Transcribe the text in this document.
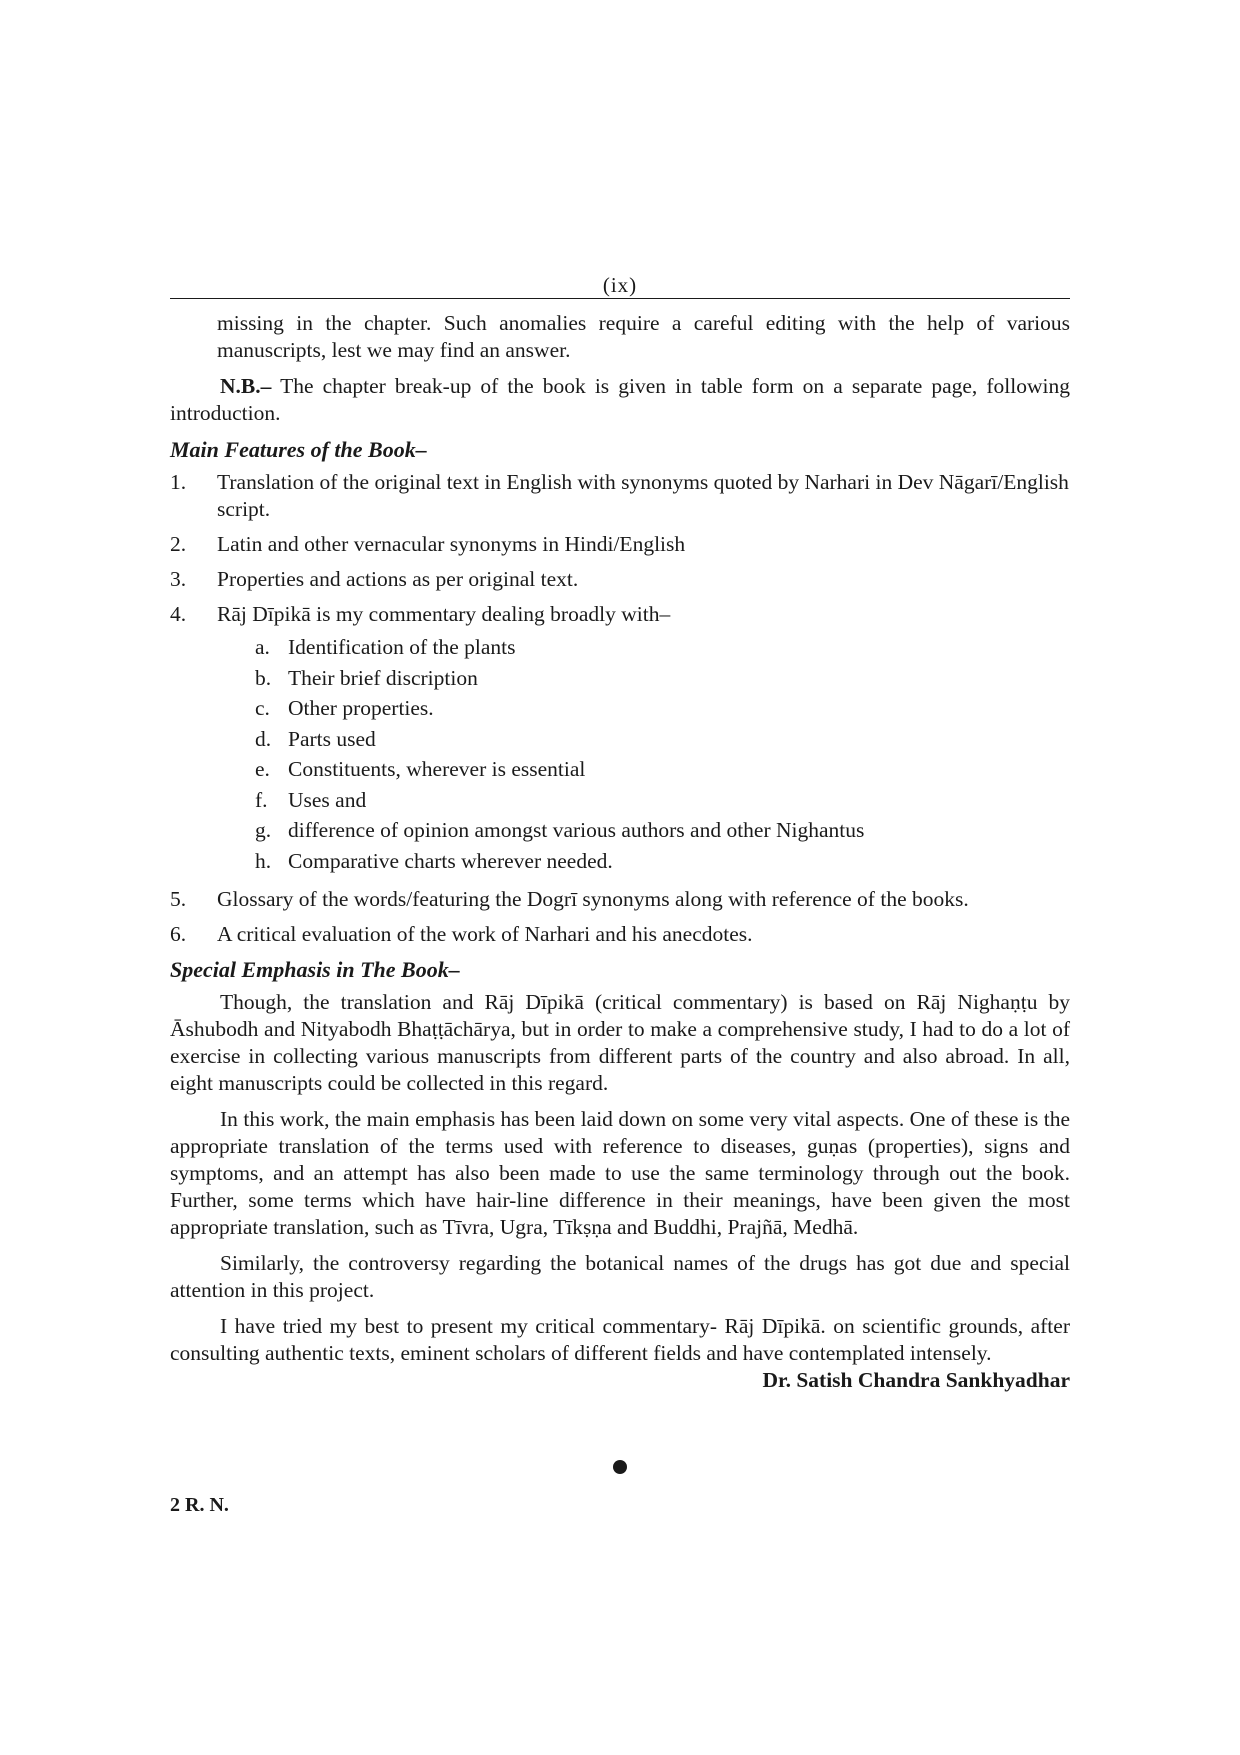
(ix)

missing in the chapter. Such anomalies require a careful editing with the help of various manuscripts, lest we may find an answer.

N.B.– The chapter break-up of the book is given in table form on a separate page, following introduction.

Main Features of the Book–
1.	Translation of the original text in English with synonyms quoted by Narhari in Dev Nāgarī/English script.
2.	Latin and other vernacular synonyms in Hindi/English
3.	Properties and actions as per original text.
4.	Rāj Dīpikā is my commentary dealing broadly with–
a. Identification of the plants
b. Their brief discription
c. Other properties.
d. Parts used
e. Constituents, wherever is essential
f. Uses and
g. difference of opinion amongst various authors and other Nighantus
h. Comparative charts wherever needed.
5.	Glossary of the words/featuring the Dogrī synonyms along with reference of the books.
6.	A critical evaluation of the work of Narhari and his anecdotes.
Special Emphasis in The Book–

Though, the translation and Rāj Dīpikā (critical commentary) is based on Rāj Nighaṇṭu by Āshubodh and Nityabodh Bhaṭṭāchārya, but in order to make a comprehensive study, I had to do a lot of exercise in collecting various manuscripts from different parts of the country and also abroad. In all, eight manuscripts could be collected in this regard.

In this work, the main emphasis has been laid down on some very vital aspects. One of these is the appropriate translation of the terms used with reference to diseases, guṇas (properties), signs and symptoms, and an attempt has also been made to use the same terminology through out the book. Further, some terms which have hair-line difference in their meanings, have been given the most appropriate translation, such as Tīvra, Ugra, Tīkṣṇa and Buddhi, Prajñā, Medhā.

Similarly, the controversy regarding the botanical names of the drugs has got due and special attention in this project.

I have tried my best to present my critical commentary- Rāj Dīpikā. on scientific grounds, after consulting authentic texts, eminent scholars of different fields and have contemplated intensely.

Dr. Satish Chandra Sankhyadhar
2 R. N.
